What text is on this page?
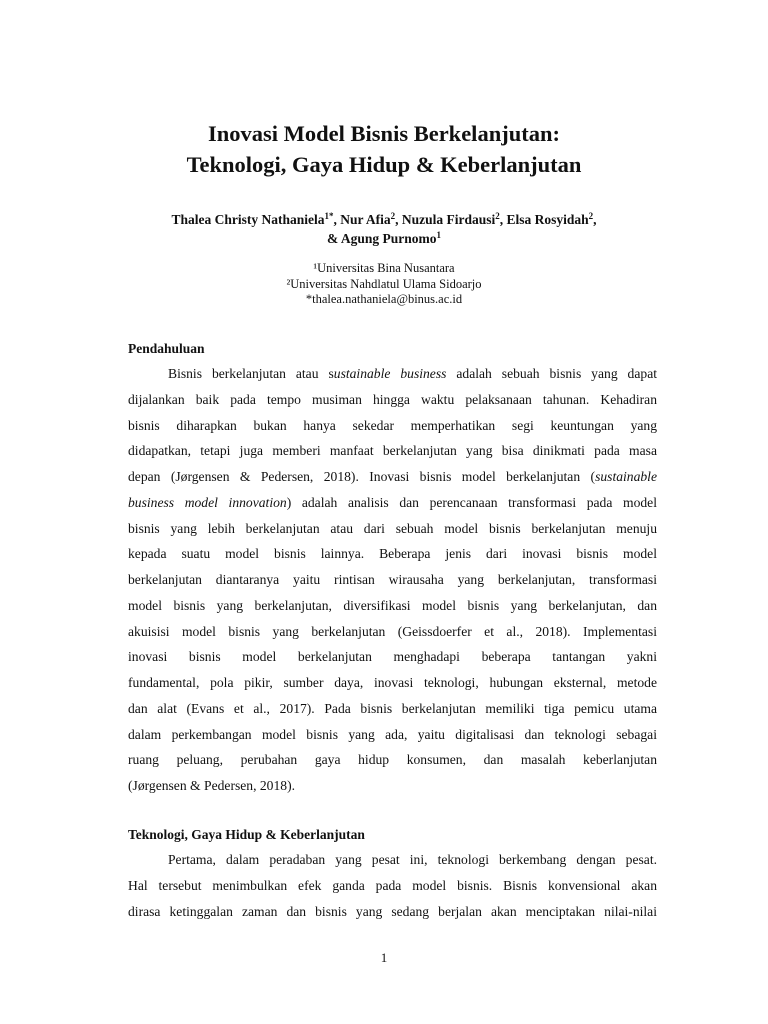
Inovasi Model Bisnis Berkelanjutan:
Teknologi, Gaya Hidup & Keberlanjutan
Thalea Christy Nathaniela$^{1*}$, Nur Afia$^2$, Nuzula Firdausi$^2$, Elsa Rosyidah$^2$,
& Agung Purnomo$^1$
¹Universitas Bina Nusantara
²Universitas Nahdlatul Ulama Sidoarjo
*thalea.nathaniela@binus.ac.id
Pendahuluan
Bisnis berkelanjutan atau sustainable business adalah sebuah bisnis yang dapat
dijalankan baik pada tempo musiman hingga waktu pelaksanaan tahunan. Kehadiran
bisnis diharapkan bukan hanya sekedar memperhatikan segi keuntungan yang
didapatkan, tetapi juga memberi manfaat berkelanjutan yang bisa dinikmati pada masa
depan (Jørgensen & Pedersen, 2018). Inovasi bisnis model berkelanjutan (sustainable
business model innovation) adalah analisis dan perencanaan transformasi pada model
bisnis yang lebih berkelanjutan atau dari sebuah model bisnis berkelanjutan menuju
kepada suatu model bisnis lainnya. Beberapa jenis dari inovasi bisnis model
berkelanjutan diantaranya yaitu rintisan wirausaha yang berkelanjutan, transformasi
model bisnis yang berkelanjutan, diversifikasi model bisnis yang berkelanjutan, dan
akuisisi model bisnis yang berkelanjutan (Geissdoerfer et al., 2018). Implementasi
inovasi bisnis model berkelanjutan menghadapi beberapa tantangan yakni
fundamental, pola pikir, sumber daya, inovasi teknologi, hubungan eksternal, metode
dan alat (Evans et al., 2017). Pada bisnis berkelanjutan memiliki tiga pemicu utama
dalam perkembangan model bisnis yang ada, yaitu digitalisasi dan teknologi sebagai
ruang peluang, perubahan gaya hidup konsumen, dan masalah keberlanjutan
(Jørgensen & Pedersen, 2018).
Teknologi, Gaya Hidup & Keberlanjutan
Pertama, dalam peradaban yang pesat ini, teknologi berkembang dengan pesat.
Hal tersebut menimbulkan efek ganda pada model bisnis. Bisnis konvensional akan
dirasa ketinggalan zaman dan bisnis yang sedang berjalan akan menciptakan nilai-nilai
1
